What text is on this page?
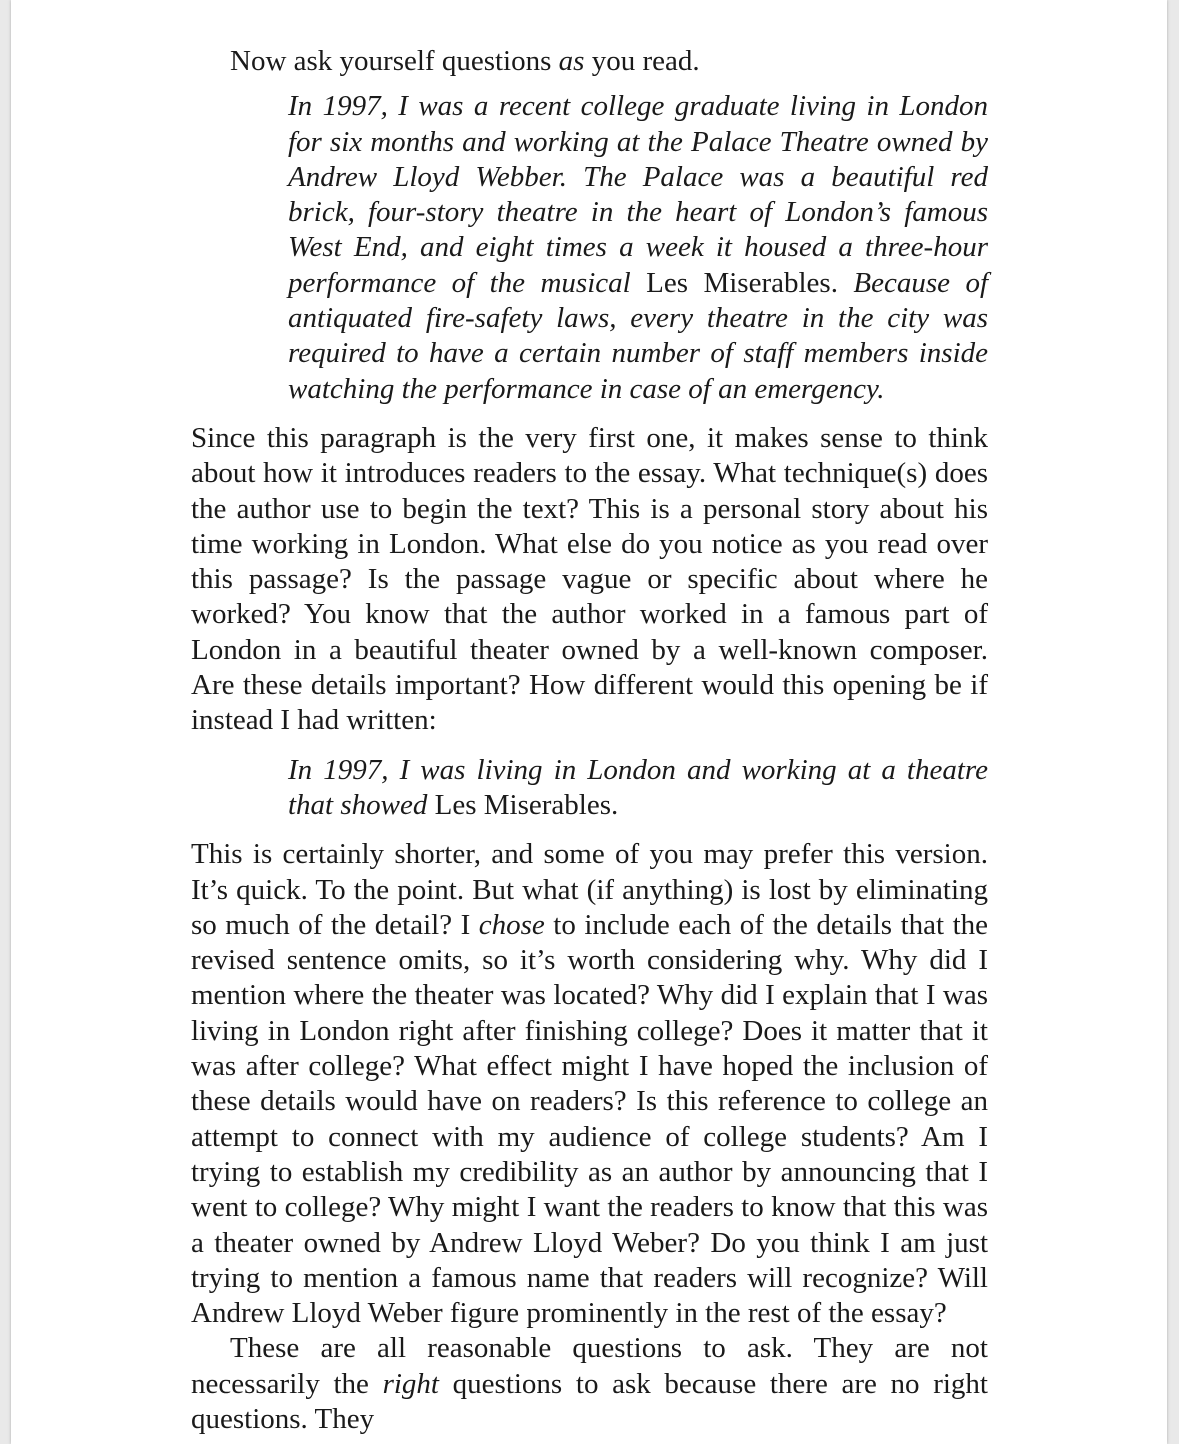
Now ask yourself questions as you read.

In 1997, I was a recent college graduate living in London for six months and working at the Palace Theatre owned by Andrew Lloyd Webber. The Palace was a beautiful red brick, four-story theatre in the heart of London’s famous West End, and eight times a week it housed a three-hour performance of the musical Les Miserables. Because of antiquated fire-safety laws, every theatre in the city was required to have a certain number of staff members inside watching the performance in case of an emergency.

Since this paragraph is the very first one, it makes sense to think about how it introduces readers to the essay. What technique(s) does the author use to begin the text? This is a personal story about his time working in London. What else do you notice as you read over this passage? Is the passage vague or specific about where he worked? You know that the author worked in a famous part of London in a beautiful theater owned by a well-known composer. Are these details important? How different would this opening be if instead I had written:

In 1997, I was living in London and working at a theatre that showed Les Miserables.

This is certainly shorter, and some of you may prefer this version. It’s quick. To the point. But what (if anything) is lost by eliminating so much of the detail? I chose to include each of the details that the revised sentence omits, so it’s worth considering why. Why did I mention where the theater was located? Why did I explain that I was living in London right after finishing college? Does it matter that it was after college? What effect might I have hoped the inclusion of these details would have on readers? Is this reference to college an attempt to connect with my audience of college students? Am I trying to establish my credibility as an author by announcing that I went to college? Why might I want the readers to know that this was a theater owned by Andrew Lloyd Weber? Do you think I am just trying to mention a famous name that readers will recognize? Will Andrew Lloyd Weber figure prominently in the rest of the essay?

These are all reasonable questions to ask. They are not necessarily the right questions to ask because there are no right questions. They
